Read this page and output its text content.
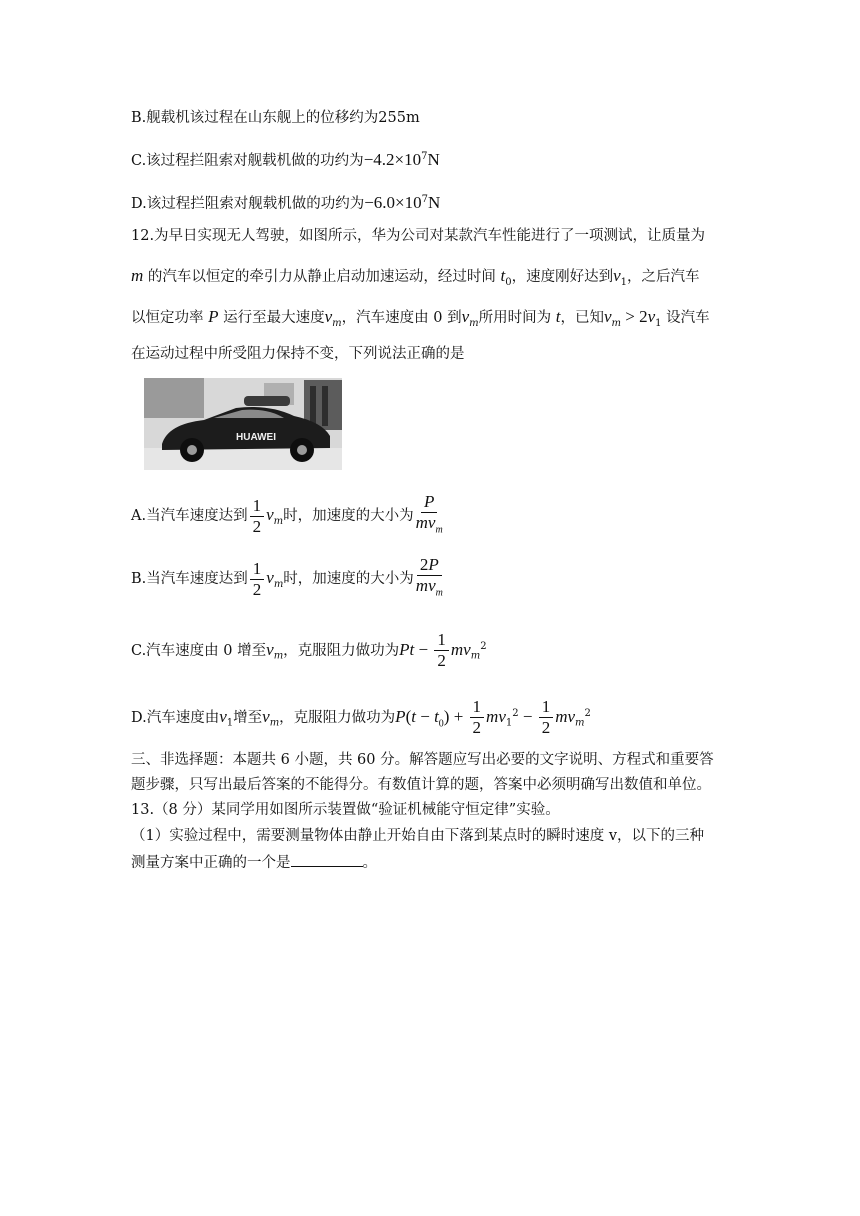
B.舰载机该过程在山东舰上的位移约为255m
C.该过程拦阻索对舰载机做的功约为$-4.2\times 10^7N$
D.该过程拦阻索对舰载机做的功约为$-6.0\times 10^7N$
12.为早日实现无人驾驶，如图所示，华为公司对某款汽车性能进行了一项测试，让质量为
m 的汽车以恒定的牵引力从静止启动加速运动，经过时间 $t_0$，速度刚好达到$v_1$，之后汽车
以恒定功率 P 运行至最大速度$v_m$，汽车速度由 0 到$v_m$所用时间为 t，已知$v_m > 2v_1$ 设汽车
在运动过程中所受阻力保持不变，下列说法正确的是
HUAWEI
A.当汽车速度达到 $\frac{1}{2} v_m$时，加速度的大小为 $\frac{P}{mv_m}$
B.当汽车速度达到 $\frac{1}{2} v_m$时，加速度的大小为 $\frac{2P}{mv_m}$
C.汽车速度由 0 增至$v_m$，克服阻力做功为$Pt - \frac{1}{2} mv_m^2$
D.汽车速度由$v_1$增至$v_m$，克服阻力做功为$P(t - t_0) + \frac{1}{2} mv_1^2 - \frac{1}{2} mv_m^2$
三、非选择题：本题共 6 小题，共 60 分。解答题应写出必要的文字说明、方程式和重要答
题步骤，只写出最后答案的不能得分。有数值计算的题，答案中必须明确写出数值和单位。
13.（8 分）某同学用如图所示装置做“验证机械能守恒定律”实验。
（1）实验过程中，需要测量物体由静止开始自由下落到某点时的瞬时速度 v，以下的三种
测量方案中正确的一个是	。
